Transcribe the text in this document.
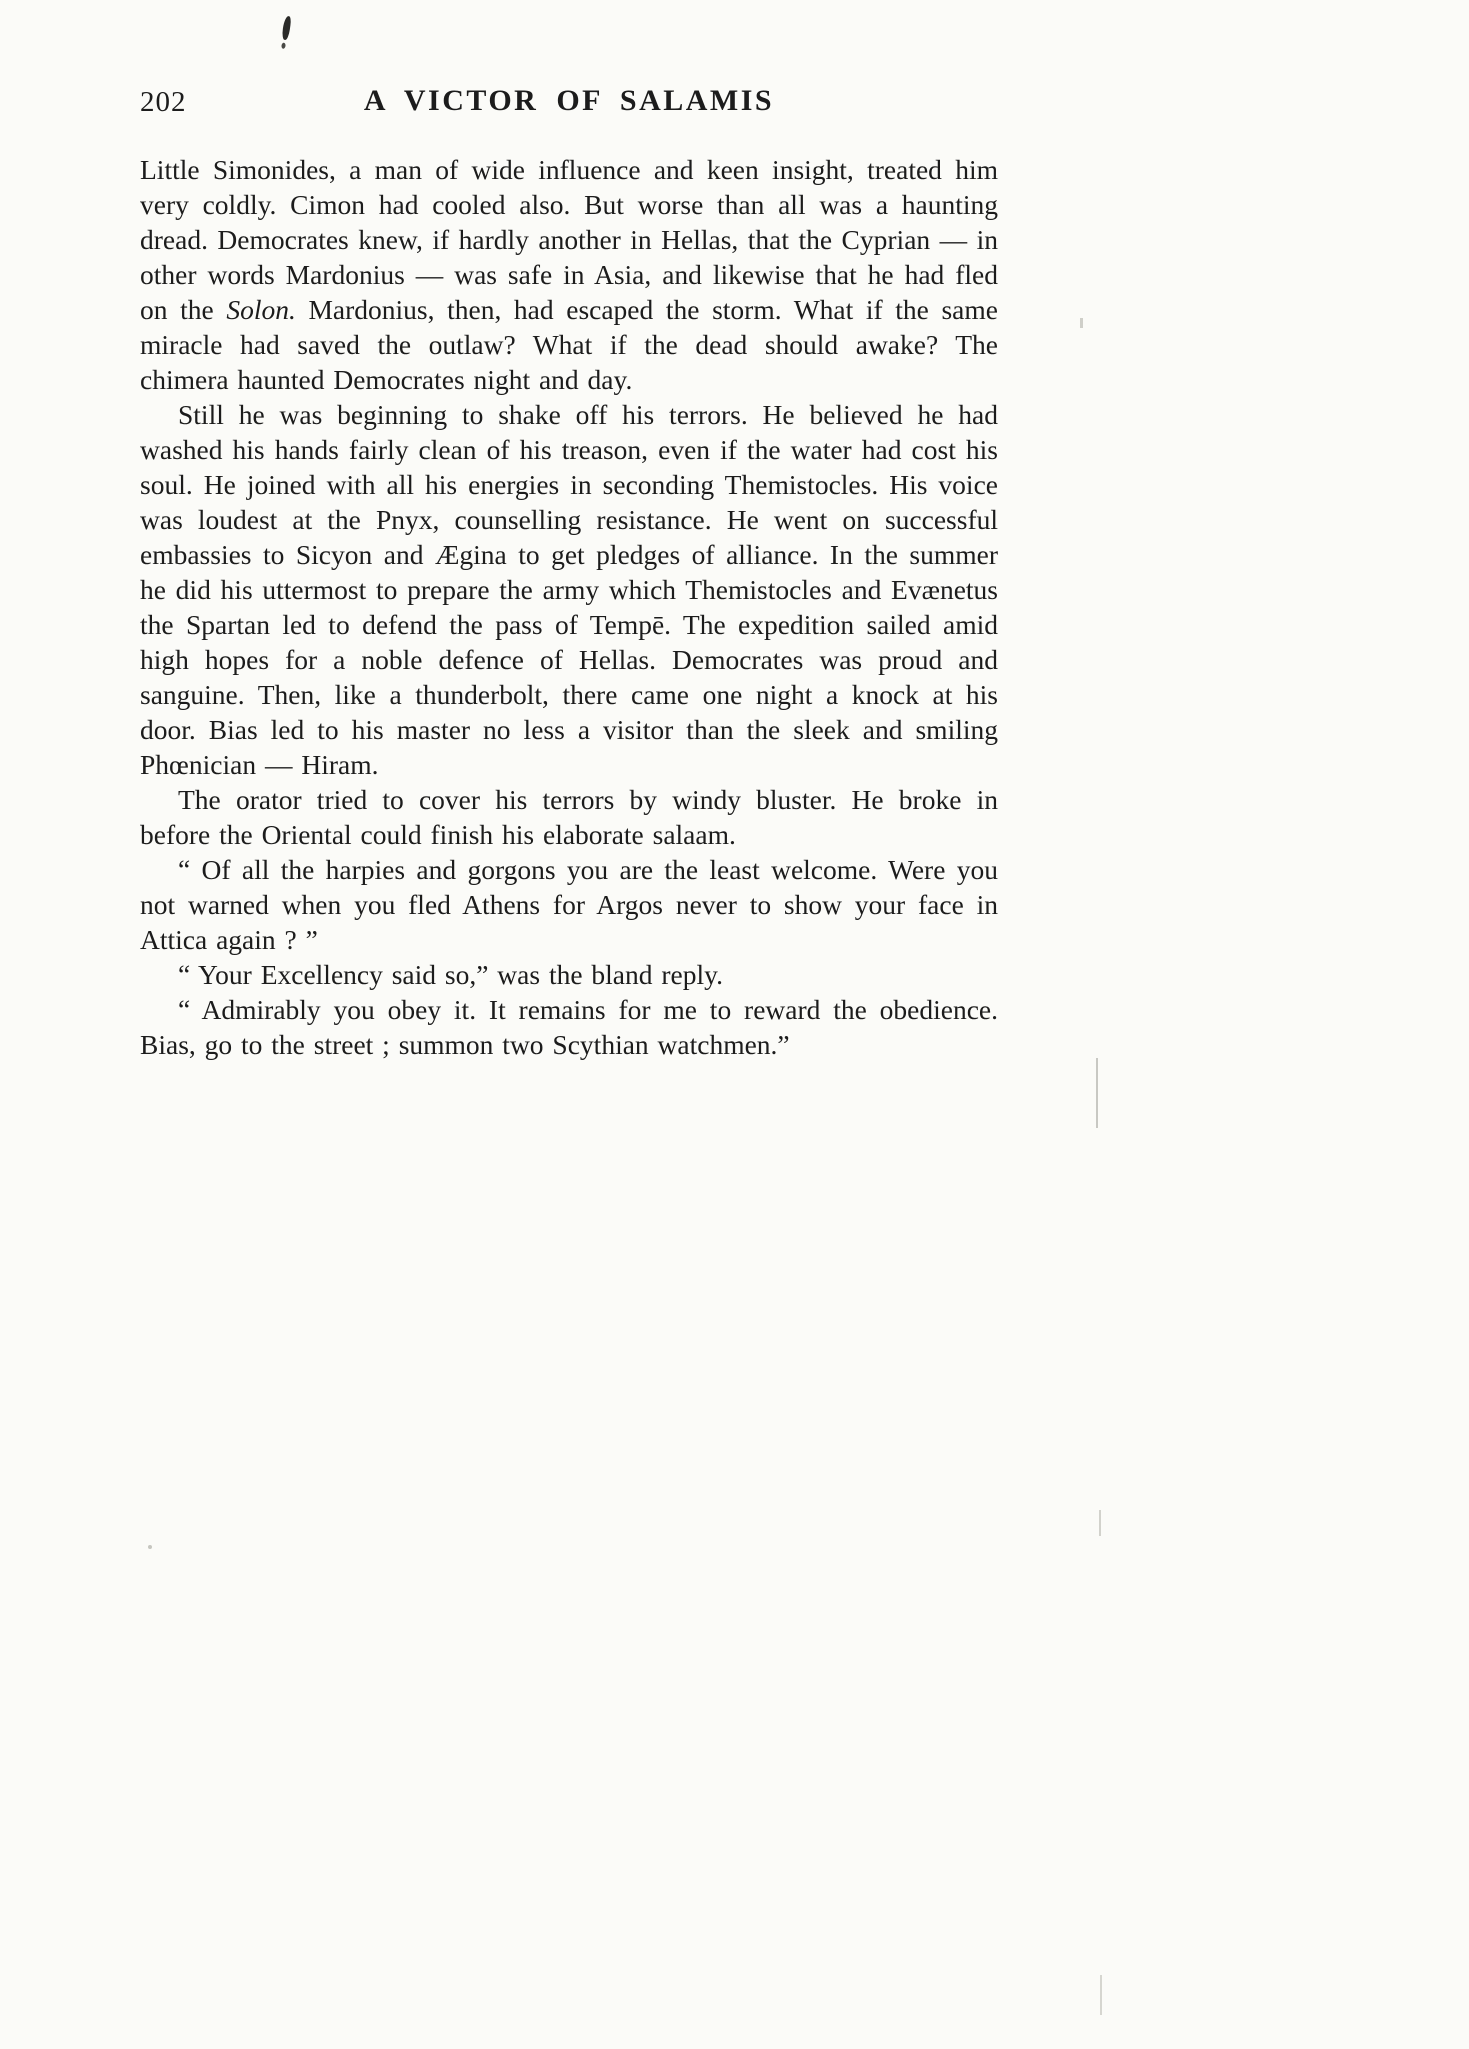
202	A VICTOR OF SALAMIS

Little Simonides, a man of wide influence and keen insight, treated him very coldly. Cimon had cooled also. But worse than all was a haunting dread. Democrates knew, if hardly another in Hellas, that the Cyprian — in other words Mardonius — was safe in Asia, and likewise that he had fled on the Solon. Mardonius, then, had escaped the storm. What if the same miracle had saved the outlaw? What if the dead should awake? The chimera haunted Democrates night and day.

Still he was beginning to shake off his terrors. He believed he had washed his hands fairly clean of his treason, even if the water had cost his soul. He joined with all his energies in seconding Themistocles. His voice was loudest at the Pnyx, counselling resistance. He went on successful embassies to Sicyon and Ægina to get pledges of alliance. In the summer he did his uttermost to prepare the army which Themistocles and Evænetus the Spartan led to defend the pass of Tempē. The expedition sailed amid high hopes for a noble defence of Hellas. Democrates was proud and sanguine. Then, like a thunderbolt, there came one night a knock at his door. Bias led to his master no less a visitor than the sleek and smiling Phœnician — Hiram.

The orator tried to cover his terrors by windy bluster. He broke in before the Oriental could finish his elaborate salaam.

“ Of all the harpies and gorgons you are the least welcome. Were you not warned when you fled Athens for Argos never to show your face in Attica again ? ”

“ Your Excellency said so,” was the bland reply.

“ Admirably you obey it. It remains for me to reward the obedience. Bias, go to the street ; summon two Scythian watchmen.”
